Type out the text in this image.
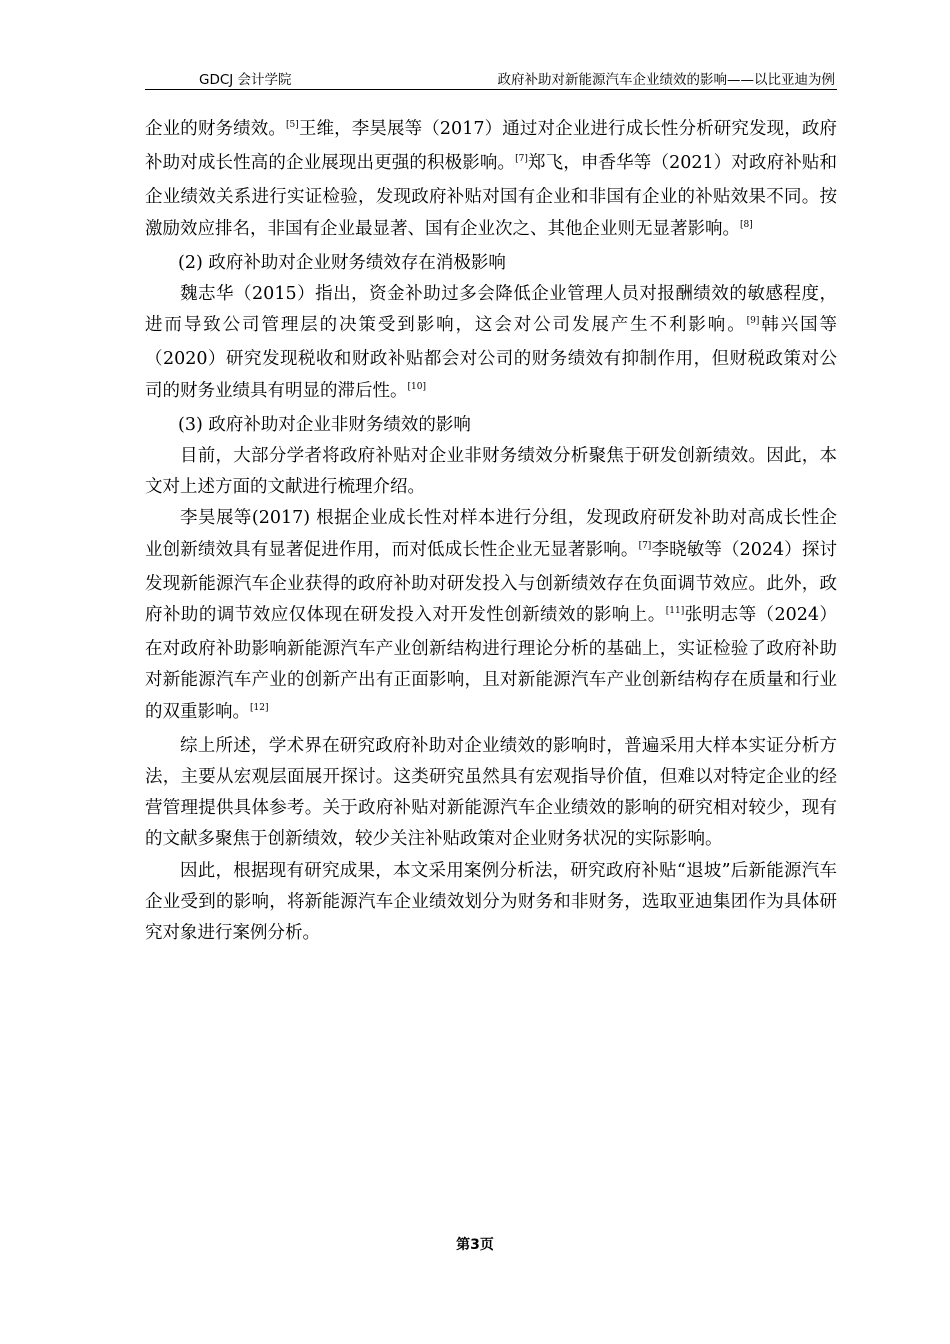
GDCJ 会计学院	政府补助对新能源汽车企业绩效的影响——以比亚迪为例

企业的财务绩效。[5]王维，李昊展等（2017）通过对企业进行成长性分析研究发现，政府补助对成长性高的企业展现出更强的积极影响。[7]郑飞，申香华等（2021）对政府补贴和企业绩效关系进行实证检验，发现政府补贴对国有企业和非国有企业的补贴效果不同。按激励效应排名，非国有企业最显著、国有企业次之、其他企业则无显著影响。[8]

(2) 政府补助对企业财务绩效存在消极影响

魏志华（2015）指出，资金补助过多会降低企业管理人员对报酬绩效的敏感程度，进而导致公司管理层的决策受到影响，这会对公司发展产生不利影响。[9]韩兴国等（2020）研究发现税收和财政补贴都会对公司的财务绩效有抑制作用，但财税政策对公司的财务业绩具有明显的滞后性。[10]

(3) 政府补助对企业非财务绩效的影响

目前，大部分学者将政府补贴对企业非财务绩效分析聚焦于研发创新绩效。因此，本文对上述方面的文献进行梳理介绍。

李昊展等(2017) 根据企业成长性对样本进行分组，发现政府研发补助对高成长性企业创新绩效具有显著促进作用，而对低成长性企业无显著影响。[7]李晓敏等（2024）探讨发现新能源汽车企业获得的政府补助对研发投入与创新绩效存在负面调节效应。此外，政府补助的调节效应仅体现在研发投入对开发性创新绩效的影响上。[11]张明志等（2024）在对政府补助影响新能源汽车产业创新结构进行理论分析的基础上，实证检验了政府补助对新能源汽车产业的创新产出有正面影响，且对新能源汽车产业创新结构存在质量和行业的双重影响。[12]

综上所述，学术界在研究政府补助对企业绩效的影响时，普遍采用大样本实证分析方法，主要从宏观层面展开探讨。这类研究虽然具有宏观指导价值，但难以对特定企业的经营管理提供具体参考。关于政府补贴对新能源汽车企业绩效的影响的研究相对较少，现有的文献多聚焦于创新绩效，较少关注补贴政策对企业财务状况的实际影响。

因此，根据现有研究成果，本文采用案例分析法，研究政府补贴“退坡”后新能源汽车企业受到的影响，将新能源汽车企业绩效划分为财务和非财务，选取亚迪集团作为具体研究对象进行案例分析。

第3页
